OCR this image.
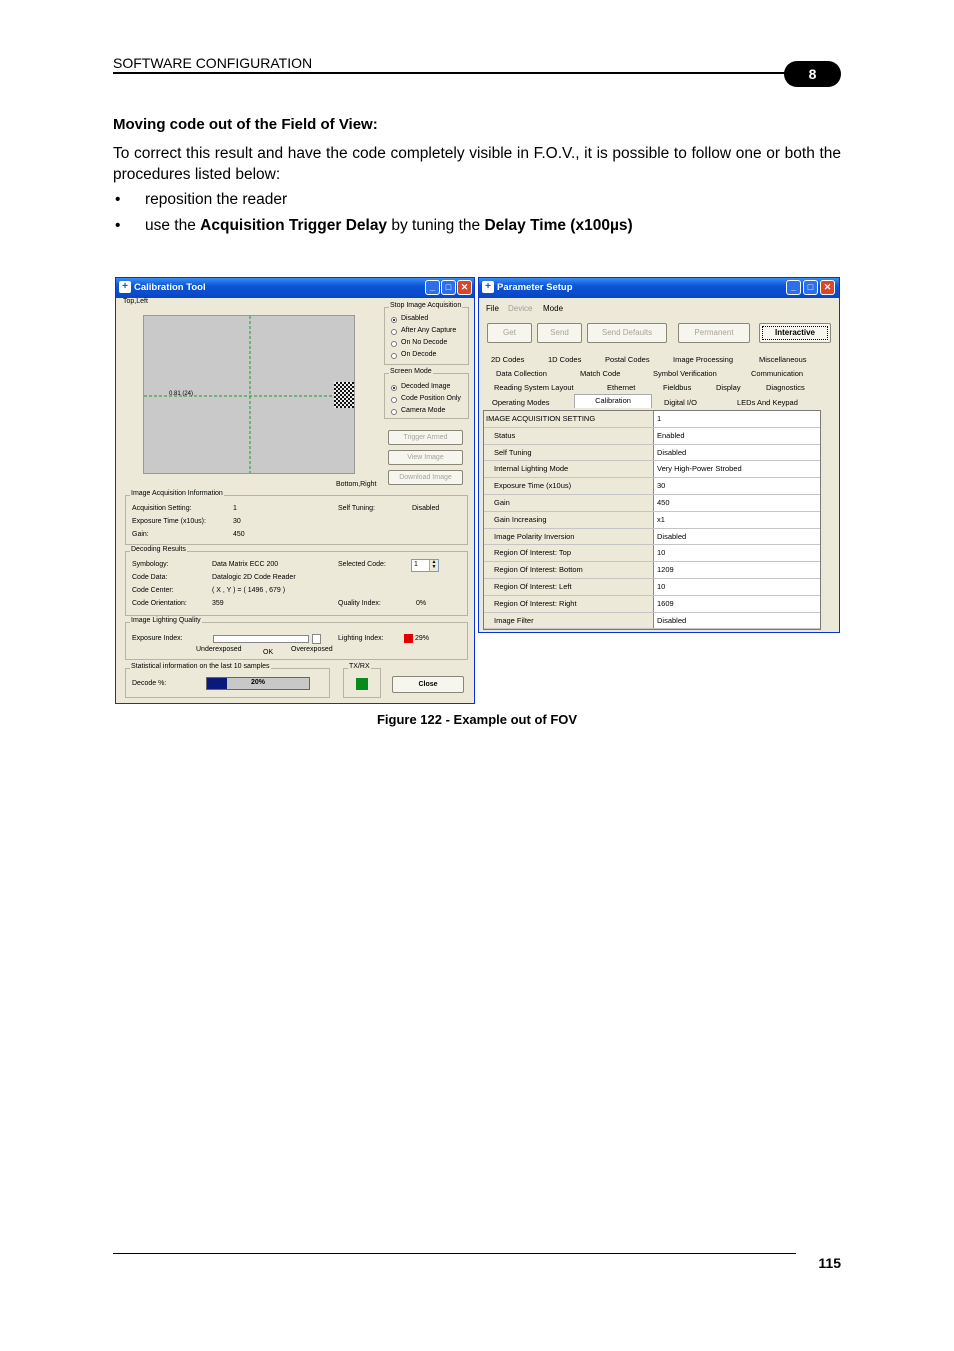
SOFTWARE CONFIGURATION
8
Moving code out of the Field of View:
To correct this result and have the code completely visible in F.O.V., it is possible to follow one or both the procedures listed below:
• reposition the reader
• use the Acquisition Trigger Delay by tuning the Delay Time (x100µs)
+ Calibration Tool	_	□	✕
Top,Left
0.81 (24)
Bottom,Right
Stop Image Acquisition
Disabled
After Any Capture
On No Decode
On Decode
Screen Mode
Decoded Image
Code Position Only
Camera Mode
Trigger Armed
View Image
Download Image
Image Acquisition Information
Acquisition Setting:	1	Self Tuning:	Disabled
Exposure Time (x10us):	30
Gain:	450
Decoding Results
Symbology:	Data Matrix ECC 200	Selected Code:	1	▲
▼
Code Data:	Datalogic 2D Code Reader
Code Center:	( X , Y ) = ( 1496 , 679 )
Code Orientation:	359	Quality Index:	0%
Image Lighting Quality
Exposure Index:
Underexposed	OK	Overexposed
Lighting Index:	29%
Statistical information on the last 10 samples
Decode %:	20%
TX/RX
Close
+ Parameter Setup	_	□	✕
File Device Mode
Get	Send	Send Defaults	Permanent	Interactive
2D Codes	1D Codes	Postal Codes	Image Processing	Miscellaneous
Data Collection	Match Code	Symbol Verification	Communication
Reading System Layout	Ethernet	Fieldbus	Display	Diagnostics
Operating Modes	Calibration	Digital I/O	LEDs And Keypad
IMAGE ACQUISITION SETTING	1
Status	Enabled
Self Tuning	Disabled
Internal Lighting Mode	Very High-Power Strobed
Exposure Time (x10us)	30
Gain	450
Gain Increasing	x1
Image Polarity Inversion	Disabled
Region Of Interest: Top	10
Region Of Interest: Bottom	1209
Region Of Interest: Left	10
Region Of Interest: Right	1609
Image Filter	Disabled
Figure 122 - Example out of FOV
115
